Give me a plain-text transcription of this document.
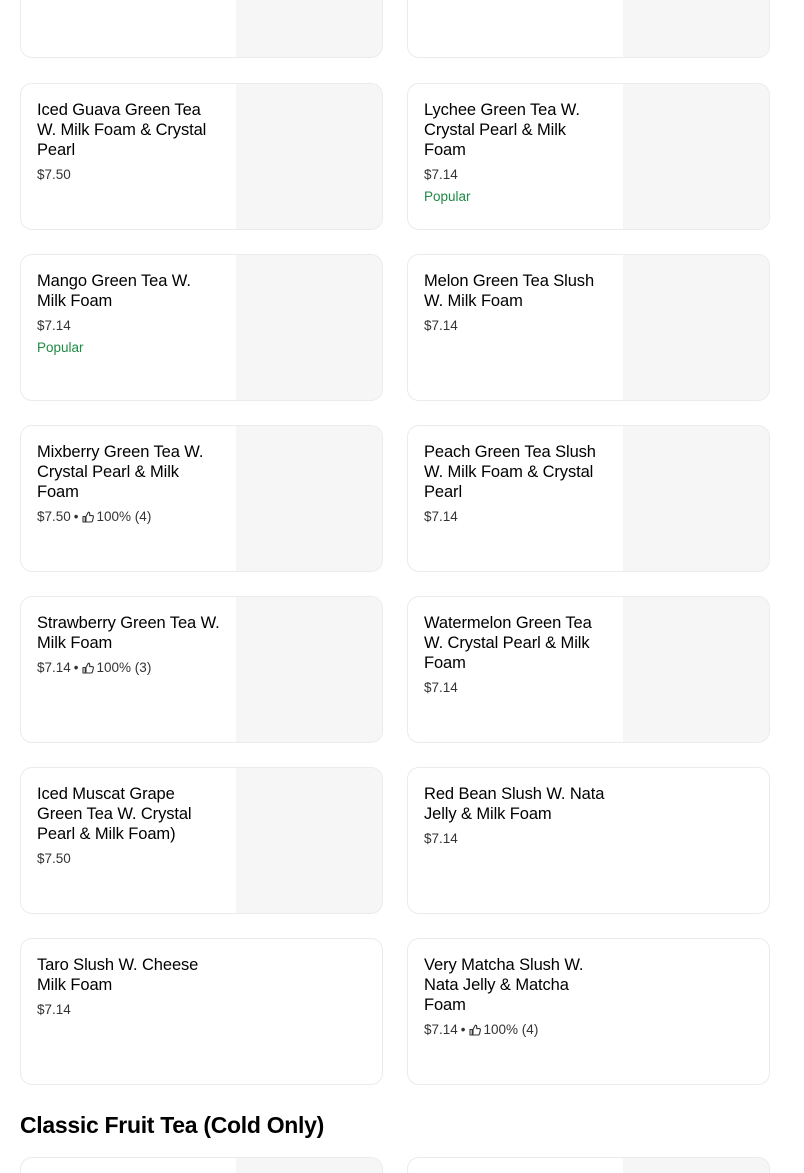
Iced Guava Green Tea W. Milk Foam & Crystal Pearl
$7.50
Lychee Green Tea W. Crystal Pearl & Milk Foam
$7.14
Popular
Mango Green Tea W. Milk Foam
$7.14
Popular
Melon Green Tea Slush W. Milk Foam
$7.14
Mixberry Green Tea W. Crystal Pearl & Milk Foam
$7.50 • 100% (4)
Peach Green Tea Slush W. Milk Foam & Crystal Pearl
$7.14
Strawberry Green Tea W. Milk Foam
$7.14 • 100% (3)
Watermelon Green Tea W. Crystal Pearl & Milk Foam
$7.14
Iced Muscat Grape Green Tea W. Crystal Pearl & Milk Foam)
$7.50
Red Bean Slush W. Nata Jelly & Milk Foam
$7.14
Taro Slush W. Cheese Milk Foam
$7.14
Very Matcha Slush W. Nata Jelly & Matcha Foam
$7.14 • 100% (4)
Classic Fruit Tea (Cold Only)
